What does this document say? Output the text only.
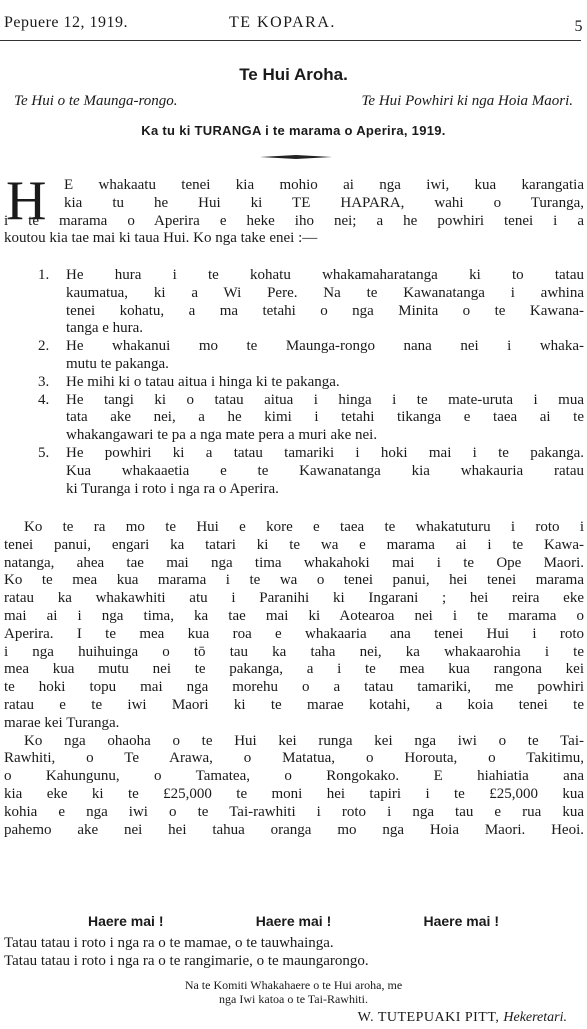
Pepuere 12, 1919.	TE KOPARA.	5
Te Hui Aroha.
Te Hui o te Maunga-rongo.	Te Hui Powhiri ki nga Hoia Maori.
Ka tu ki TURANGA i te marama o Aperira, 1919.
H	E whakaatu tenei kia mohio ai nga iwi, kua karangatia
kia tu he Hui ki TE HAPARA, wahi o Turanga,
i te marama o Aperira e heke iho nei; a he powhiri tenei i a
koutou kia tae mai ki taua Hui. Ko nga take enei :—
1. He hura i te kohatu whakamaharatanga ki to tatau
kaumatua, ki a Wi Pere. Na te Kawanatanga i awhina
tenei kohatu, a ma tetahi o nga Minita o te Kawana-
tanga e hura.
2. He whakanui mo te Maunga-rongo nana nei i whaka-
mutu te pakanga.
3. He mihi ki o tatau aitua i hinga ki te pakanga.
4. He tangi ki o tatau aitua i hinga i te mate-uruta i mua
tata ake nei, a he kimi i tetahi tikanga e taea ai te
whakangawari te pa a nga mate pera a muri ake nei.
5. He powhiri ki a tatau tamariki i hoki mai i te pakanga.
Kua whakaaetia e te Kawanatanga kia whakauria ratau
ki Turanga i roto i nga ra o Aperira.
Ko te ra mo te Hui e kore e taea te whakatuturu i roto i
tenei panui, engari ka tatari ki te wa e marama ai i te Kawa-
natanga, ahea tae mai nga tima whakahoki mai i te Ope Maori.
Ko te mea kua marama i te wa o tenei panui, hei tenei marama
ratau ka whakawhiti atu i Paranihi ki Ingarani ; hei reira eke
mai ai i nga tima, ka tae mai ki Aotearoa nei i te marama o
Aperira. I te mea kua roa e whakaaria ana tenei Hui i roto
i nga huihuinga o tō tau ka taha nei, ka whakaarohia i te
mea kua mutu nei te pakanga, a i te mea kua rangona kei
te hoki topu mai nga morehu o a tatau tamariki, me powhiri
ratau e te iwi Maori ki te marae kotahi, a koia tenei te
marae kei Turanga.
Ko nga ohaoha o te Hui kei runga kei nga iwi o te Tai-
Rawhiti, o Te Arawa, o Matatua, o Horouta, o Takitimu,
o Kahungunu, o Tamatea, o Rongokako. E hiahiatia ana
kia eke ki te £25,000 te moni hei tapiri i te £25,000 kua
kohia e nga iwi o te Tai-rawhiti i roto i nga tau e rua kua
pahemo ake nei hei tahua oranga mo nga Hoia Maori. Heoi.
Haere mai !	Haere mai !	Haere mai !
Tatau tatau i roto i nga ra o te mamae, o te tauwhainga.
Tatau tatau i roto i nga ra o te rangimarie, o te maungarongo.
Na te Komiti Whakahaere o te Hui aroha, me
nga Iwi katoa o te Tai-Rawhiti.
W. TUTEPUAKI PITT, Hekeretari.
